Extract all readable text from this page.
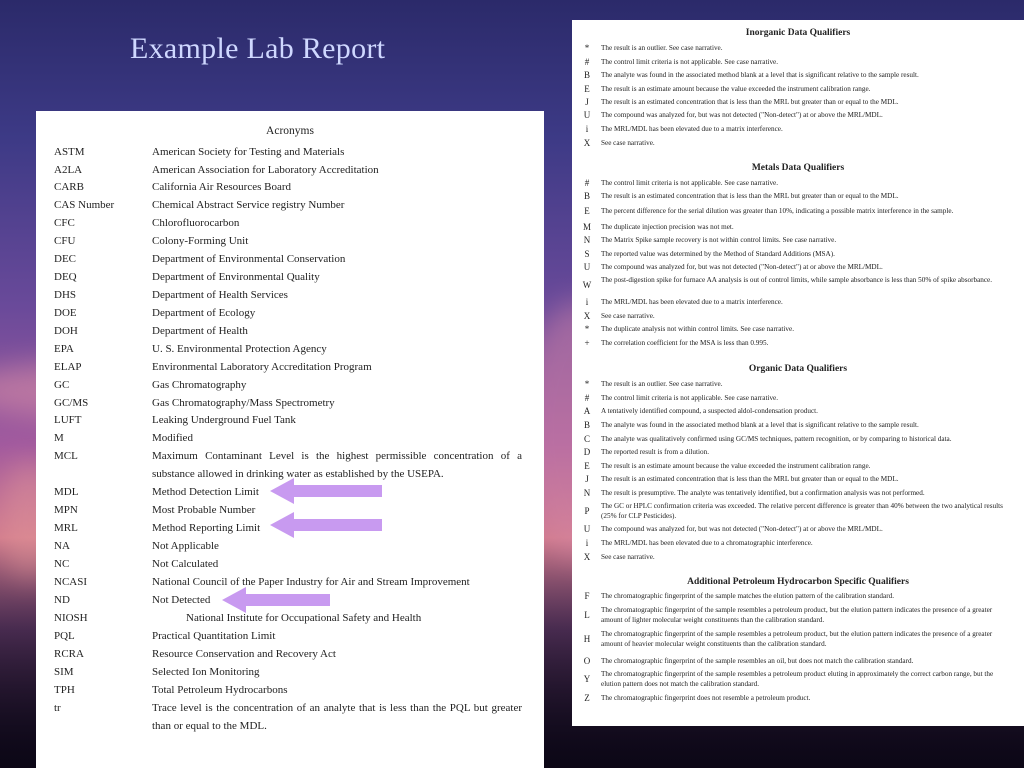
Example Lab Report
Acronyms
ASTM	American Society for Testing and Materials
A2LA	American Association for Laboratory Accreditation
CARB	California Air Resources Board
CAS Number	Chemical Abstract Service registry Number
CFC	Chlorofluorocarbon
CFU	Colony-Forming Unit
DEC	Department of Environmental Conservation
DEQ	Department of Environmental Quality
DHS	Department of Health Services
DOE	Department of Ecology
DOH	Department of Health
EPA	U. S. Environmental Protection Agency
ELAP	Environmental Laboratory Accreditation Program
GC	Gas Chromatography
GC/MS	Gas Chromatography/Mass Spectrometry
LUFT	Leaking Underground Fuel Tank
M	Modified
MCL	Maximum Contaminant Level is the highest permissible concentration of a substance allowed in drinking water as established by the USEPA.
MDL	Method Detection Limit
MPN	Most Probable Number
MRL	Method Reporting Limit
NA	Not Applicable
NC	Not Calculated
NCASI	National Council of the Paper Industry for Air and Stream Improvement
ND	Not Detected
NIOSH	National Institute for Occupational Safety and Health
PQL	Practical Quantitation Limit
RCRA	Resource Conservation and Recovery Act
SIM	Selected Ion Monitoring
TPH	Total Petroleum Hydrocarbons
tr	Trace level is the concentration of an analyte that is less than the PQL but greater than or equal to the MDL.
Inorganic Data Qualifiers
*	The result is an outlier. See case narrative.
#	The control limit criteria is not applicable. See case narrative.
B	The analyte was found in the associated method blank at a level that is significant relative to the sample result.
E	The result is an estimate amount because the value exceeded the instrument calibration range.
J	The result is an estimated concentration that is less than the MRL but greater than or equal to the MDL.
U	The compound was analyzed for, but was not detected ("Non-detect") at or above the MRL/MDL.
i	The MRL/MDL has been elevated due to a matrix interference.
X	See case narrative.
Metals Data Qualifiers
#	The control limit criteria is not applicable. See case narrative.
B	The result is an estimated concentration that is less than the MRL but greater than or equal to the MDL.
E	The percent difference for the serial dilution was greater than 10%, indicating a possible matrix interference in the sample.
M	The duplicate injection precision was not met.
N	The Matrix Spike sample recovery is not within control limits. See case narrative.
S	The reported value was determined by the Method of Standard Additions (MSA).
U	The compound was analyzed for, but was not detected ("Non-detect") at or above the MRL/MDL.
W	The post-digestion spike for furnace AA analysis is out of control limits, while sample absorbance is less than 50% of spike absorbance.
i	The MRL/MDL has been elevated due to a matrix interference.
X	See case narrative.
*	The duplicate analysis not within control limits. See case narrative.
+	The correlation coefficient for the MSA is less than 0.995.
Organic Data Qualifiers
*	The result is an outlier. See case narrative.
#	The control limit criteria is not applicable. See case narrative.
A	A tentatively identified compound, a suspected aldol-condensation product.
B	The analyte was found in the associated method blank at a level that is significant relative to the sample result.
C	The analyte was qualitatively confirmed using GC/MS techniques, pattern recognition, or by comparing to historical data.
D	The reported result is from a dilution.
E	The result is an estimate amount because the value exceeded the instrument calibration range.
J	The result is an estimated concentration that is less than the MRL but greater than or equal to the MDL.
N	The result is presumptive. The analyte was tentatively identified, but a confirmation analysis was not performed.
P	The GC or HPLC confirmation criteria was exceeded. The relative percent difference is greater than 40% between the two analytical results (25% for CLP Pesticides).
U	The compound was analyzed for, but was not detected ("Non-detect") at or above the MRL/MDL.
i	The MRL/MDL has been elevated due to a chromatographic interference.
X	See case narrative.
Additional Petroleum Hydrocarbon Specific Qualifiers
F	The chromatographic fingerprint of the sample matches the elution pattern of the calibration standard.
L	The chromatographic fingerprint of the sample resembles a petroleum product, but the elution pattern indicates the presence of a greater amount of lighter molecular weight constituents than the calibration standard.
H	The chromatographic fingerprint of the sample resembles a petroleum product, but the elution pattern indicates the presence of a greater amount of heavier molecular weight constituents than the calibration standard.
O	The chromatographic fingerprint of the sample resembles an oil, but does not match the calibration standard.
Y	The chromatographic fingerprint of the sample resembles a petroleum product eluting in approximately the correct carbon range, but the elution pattern does not match the calibration standard.
Z	The chromatographic fingerprint does not resemble a petroleum product.
